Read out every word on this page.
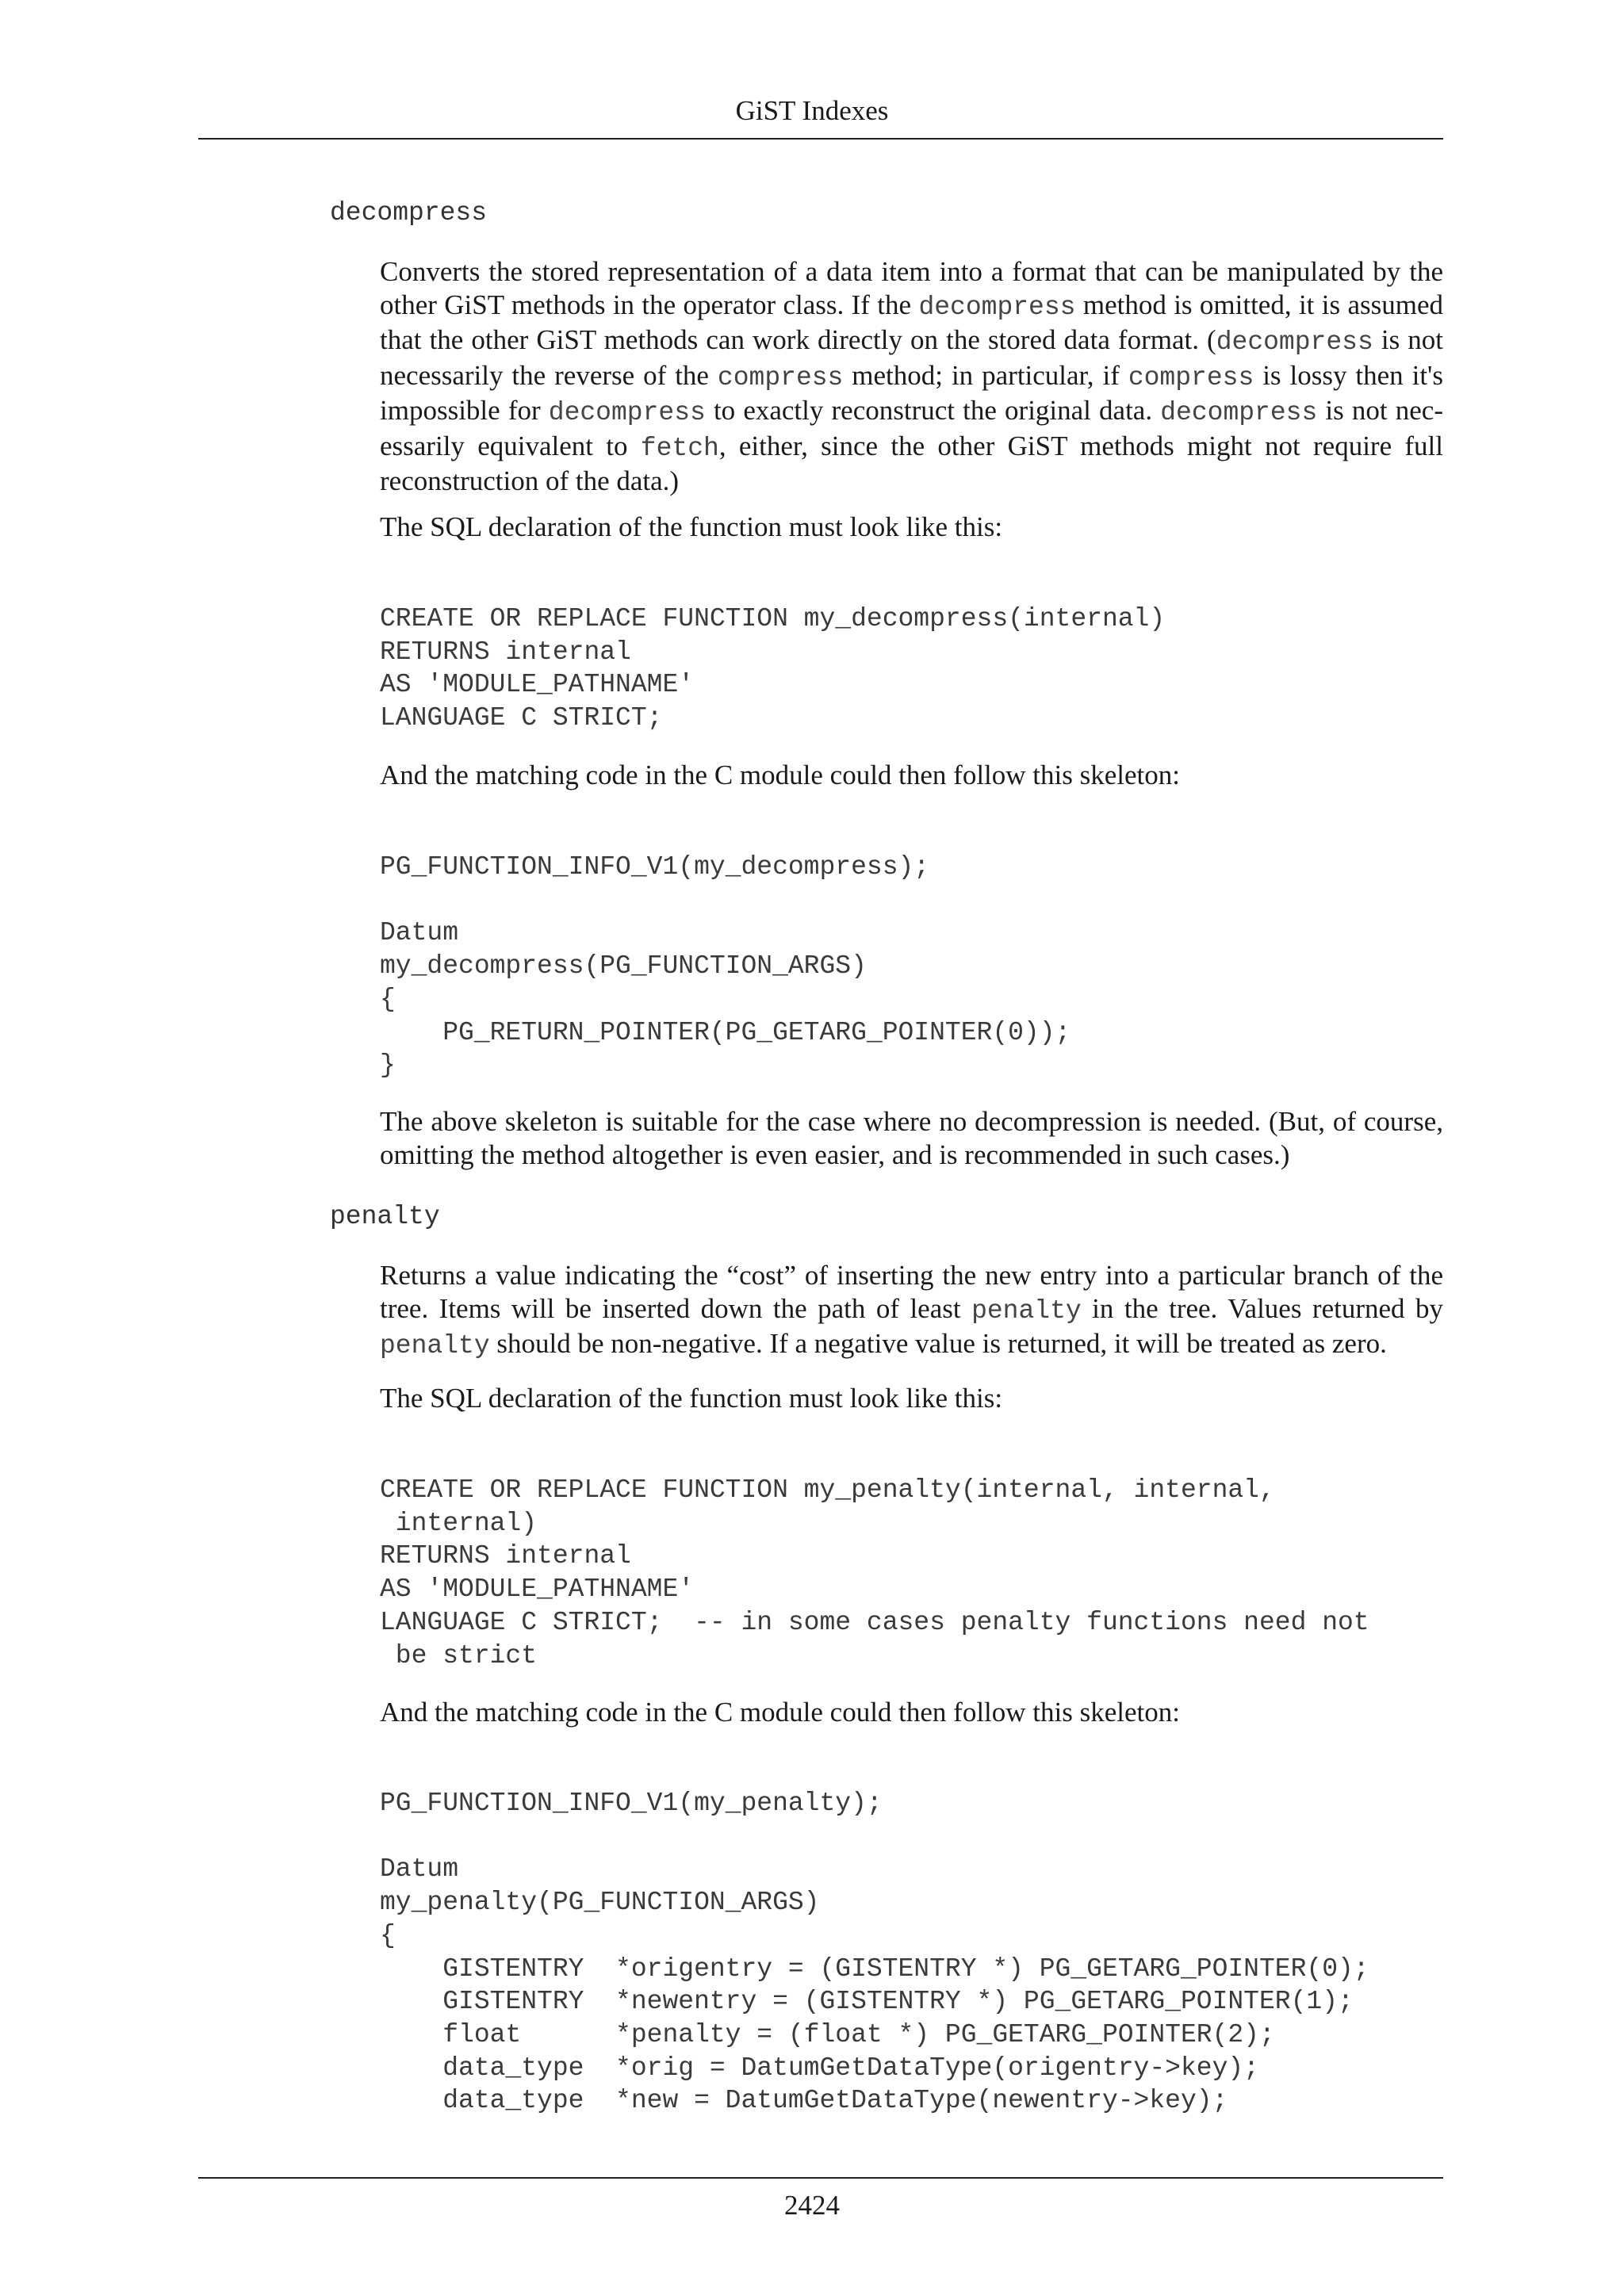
GiST Indexes
decompress
Converts the stored representation of a data item into a format that can be manipulated by the other GiST methods in the operator class. If the decompress method is omitted, it is assumed that the other GiST methods can work directly on the stored data format. (decompress is not necessarily the reverse of the compress method; in particular, if compress is lossy then it's impossible for decompress to exactly reconstruct the original data. decompress is not necessarily equivalent to fetch, either, since the other GiST methods might not require full reconstruction of the data.)
The SQL declaration of the function must look like this:
CREATE OR REPLACE FUNCTION my_decompress(internal)
RETURNS internal
AS 'MODULE_PATHNAME'
LANGUAGE C STRICT;
And the matching code in the C module could then follow this skeleton:
PG_FUNCTION_INFO_V1(my_decompress);

Datum
my_decompress(PG_FUNCTION_ARGS)
{
PG_RETURN_POINTER(PG_GETARG_POINTER(0));
}
The above skeleton is suitable for the case where no decompression is needed. (But, of course, omitting the method altogether is even easier, and is recommended in such cases.)
penalty
Returns a value indicating the “cost” of inserting the new entry into a particular branch of the tree. Items will be inserted down the path of least penalty in the tree. Values returned by penalty should be non-negative. If a negative value is returned, it will be treated as zero.
The SQL declaration of the function must look like this:
CREATE OR REPLACE FUNCTION my_penalty(internal, internal,
internal)
RETURNS internal
AS 'MODULE_PATHNAME'
LANGUAGE C STRICT;  -- in some cases penalty functions need not
be strict
And the matching code in the C module could then follow this skeleton:
PG_FUNCTION_INFO_V1(my_penalty);

Datum
my_penalty(PG_FUNCTION_ARGS)
{
GISTENTRY  *origentry = (GISTENTRY *) PG_GETARG_POINTER(0);
GISTENTRY  *newentry = (GISTENTRY *) PG_GETARG_POINTER(1);
float      *penalty = (float *) PG_GETARG_POINTER(2);
data_type  *orig = DatumGetDataType(origentry->key);
data_type  *new = DatumGetDataType(newentry->key);
2424
